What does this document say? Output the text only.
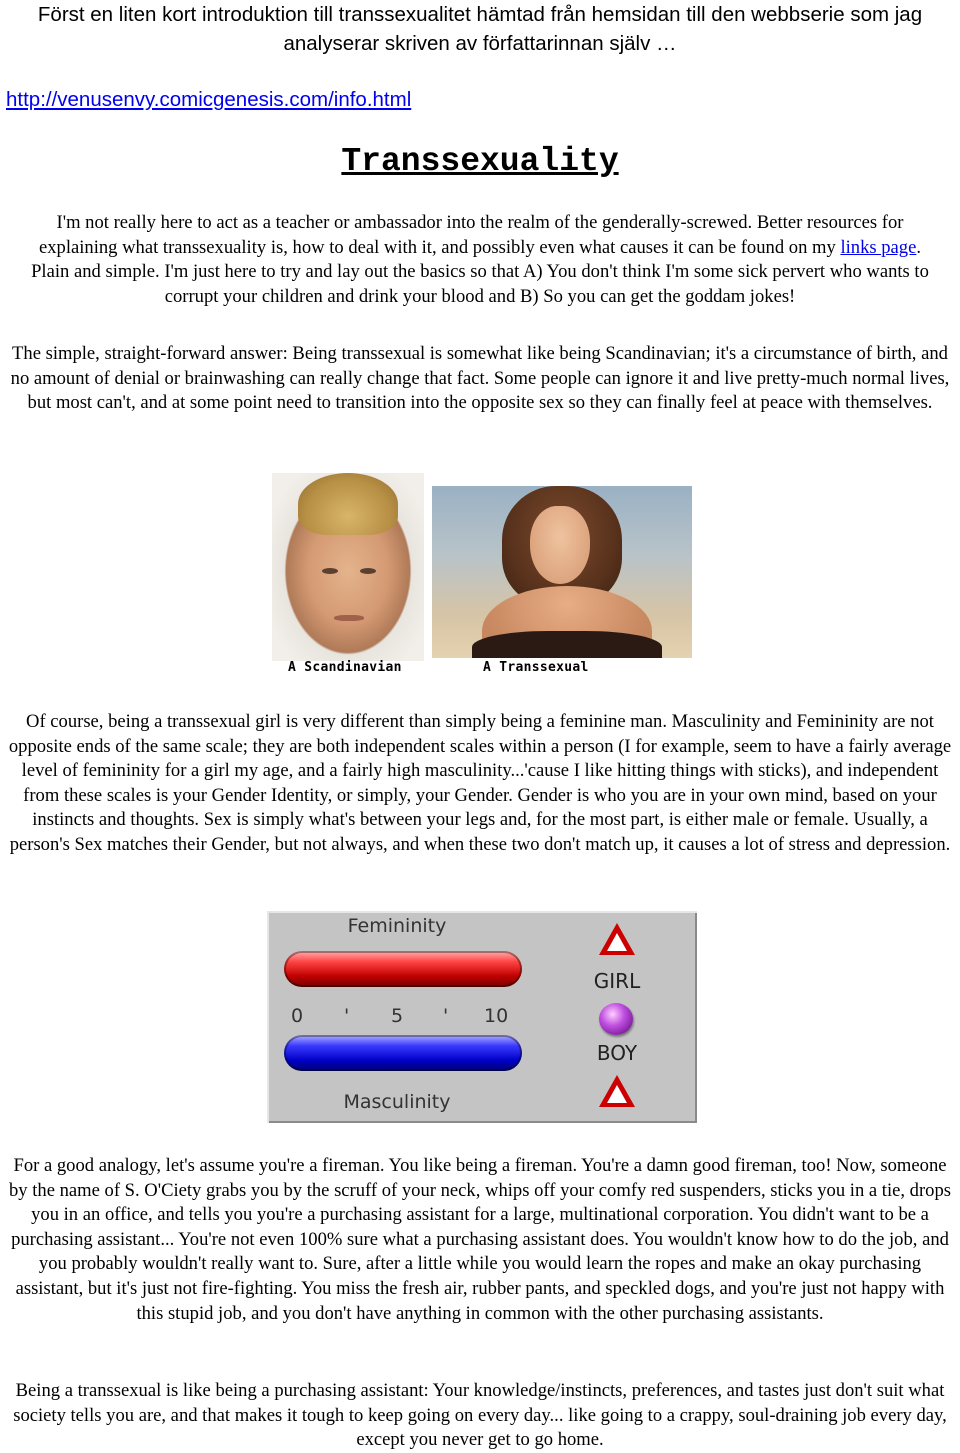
Först en liten kort introduktion till transsexualitet hämtad från hemsidan till den webbserie som jag analyserar skriven av författarinnan själv …
http://venusenvy.comicgenesis.com/info.html
Transsexuality
I'm not really here to act as a teacher or ambassador into the realm of the genderally-screwed. Better resources for explaining what transsexuality is, how to deal with it, and possibly even what causes it can be found on my links page. Plain and simple. I'm just here to try and lay out the basics so that A) You don't think I'm some sick pervert who wants to corrupt your children and drink your blood and B) So you can get the goddam jokes!
The simple, straight-forward answer: Being transsexual is somewhat like being Scandinavian; it's a circumstance of birth, and no amount of denial or brainwashing can really change that fact. Some people can ignore it and live pretty-much normal lives, but most can't, and at some point need to transition into the opposite sex so they can finally feel at peace with themselves.
A Scandinavian	A Transsexual
Of course, being a transsexual girl is very different than simply being a feminine man. Masculinity and Femininity are not opposite ends of the same scale; they are both independent scales within a person (I for example, seem to have a fairly average level of femininity for a girl my age, and a fairly high masculinity...'cause I like hitting things with sticks), and independent from these scales is your Gender Identity, or simply, your Gender. Gender is who you are in your own mind, based on your instincts and thoughts. Sex is simply what's between your legs and, for the most part, is either male or female. Usually, a person's Sex matches their Gender, but not always, and when these two don't match up, it causes a lot of stress and depression.
Femininity
0 ' 5 ' 10
Masculinity
GIRL
BOY
For a good analogy, let's assume you're a fireman. You like being a fireman. You're a damn good fireman, too! Now, someone by the name of S. O'Ciety grabs you by the scruff of your neck, whips off your comfy red suspenders, sticks you in a tie, drops you in an office, and tells you you're a purchasing assistant for a large, multinational corporation. You didn't want to be a purchasing assistant... You're not even 100% sure what a purchasing assistant does. You wouldn't know how to do the job, and you probably wouldn't really want to. Sure, after a little while you would learn the ropes and make an okay purchasing assistant, but it's just not fire-fighting. You miss the fresh air, rubber pants, and speckled dogs, and you're just not happy with this stupid job, and you don't have anything in common with the other purchasing assistants.
Being a transsexual is like being a purchasing assistant: Your knowledge/instincts, preferences, and tastes just don't suit what society tells you are, and that makes it tough to keep going on every day... like going to a crappy, soul-draining job every day, except you never get to go home.
